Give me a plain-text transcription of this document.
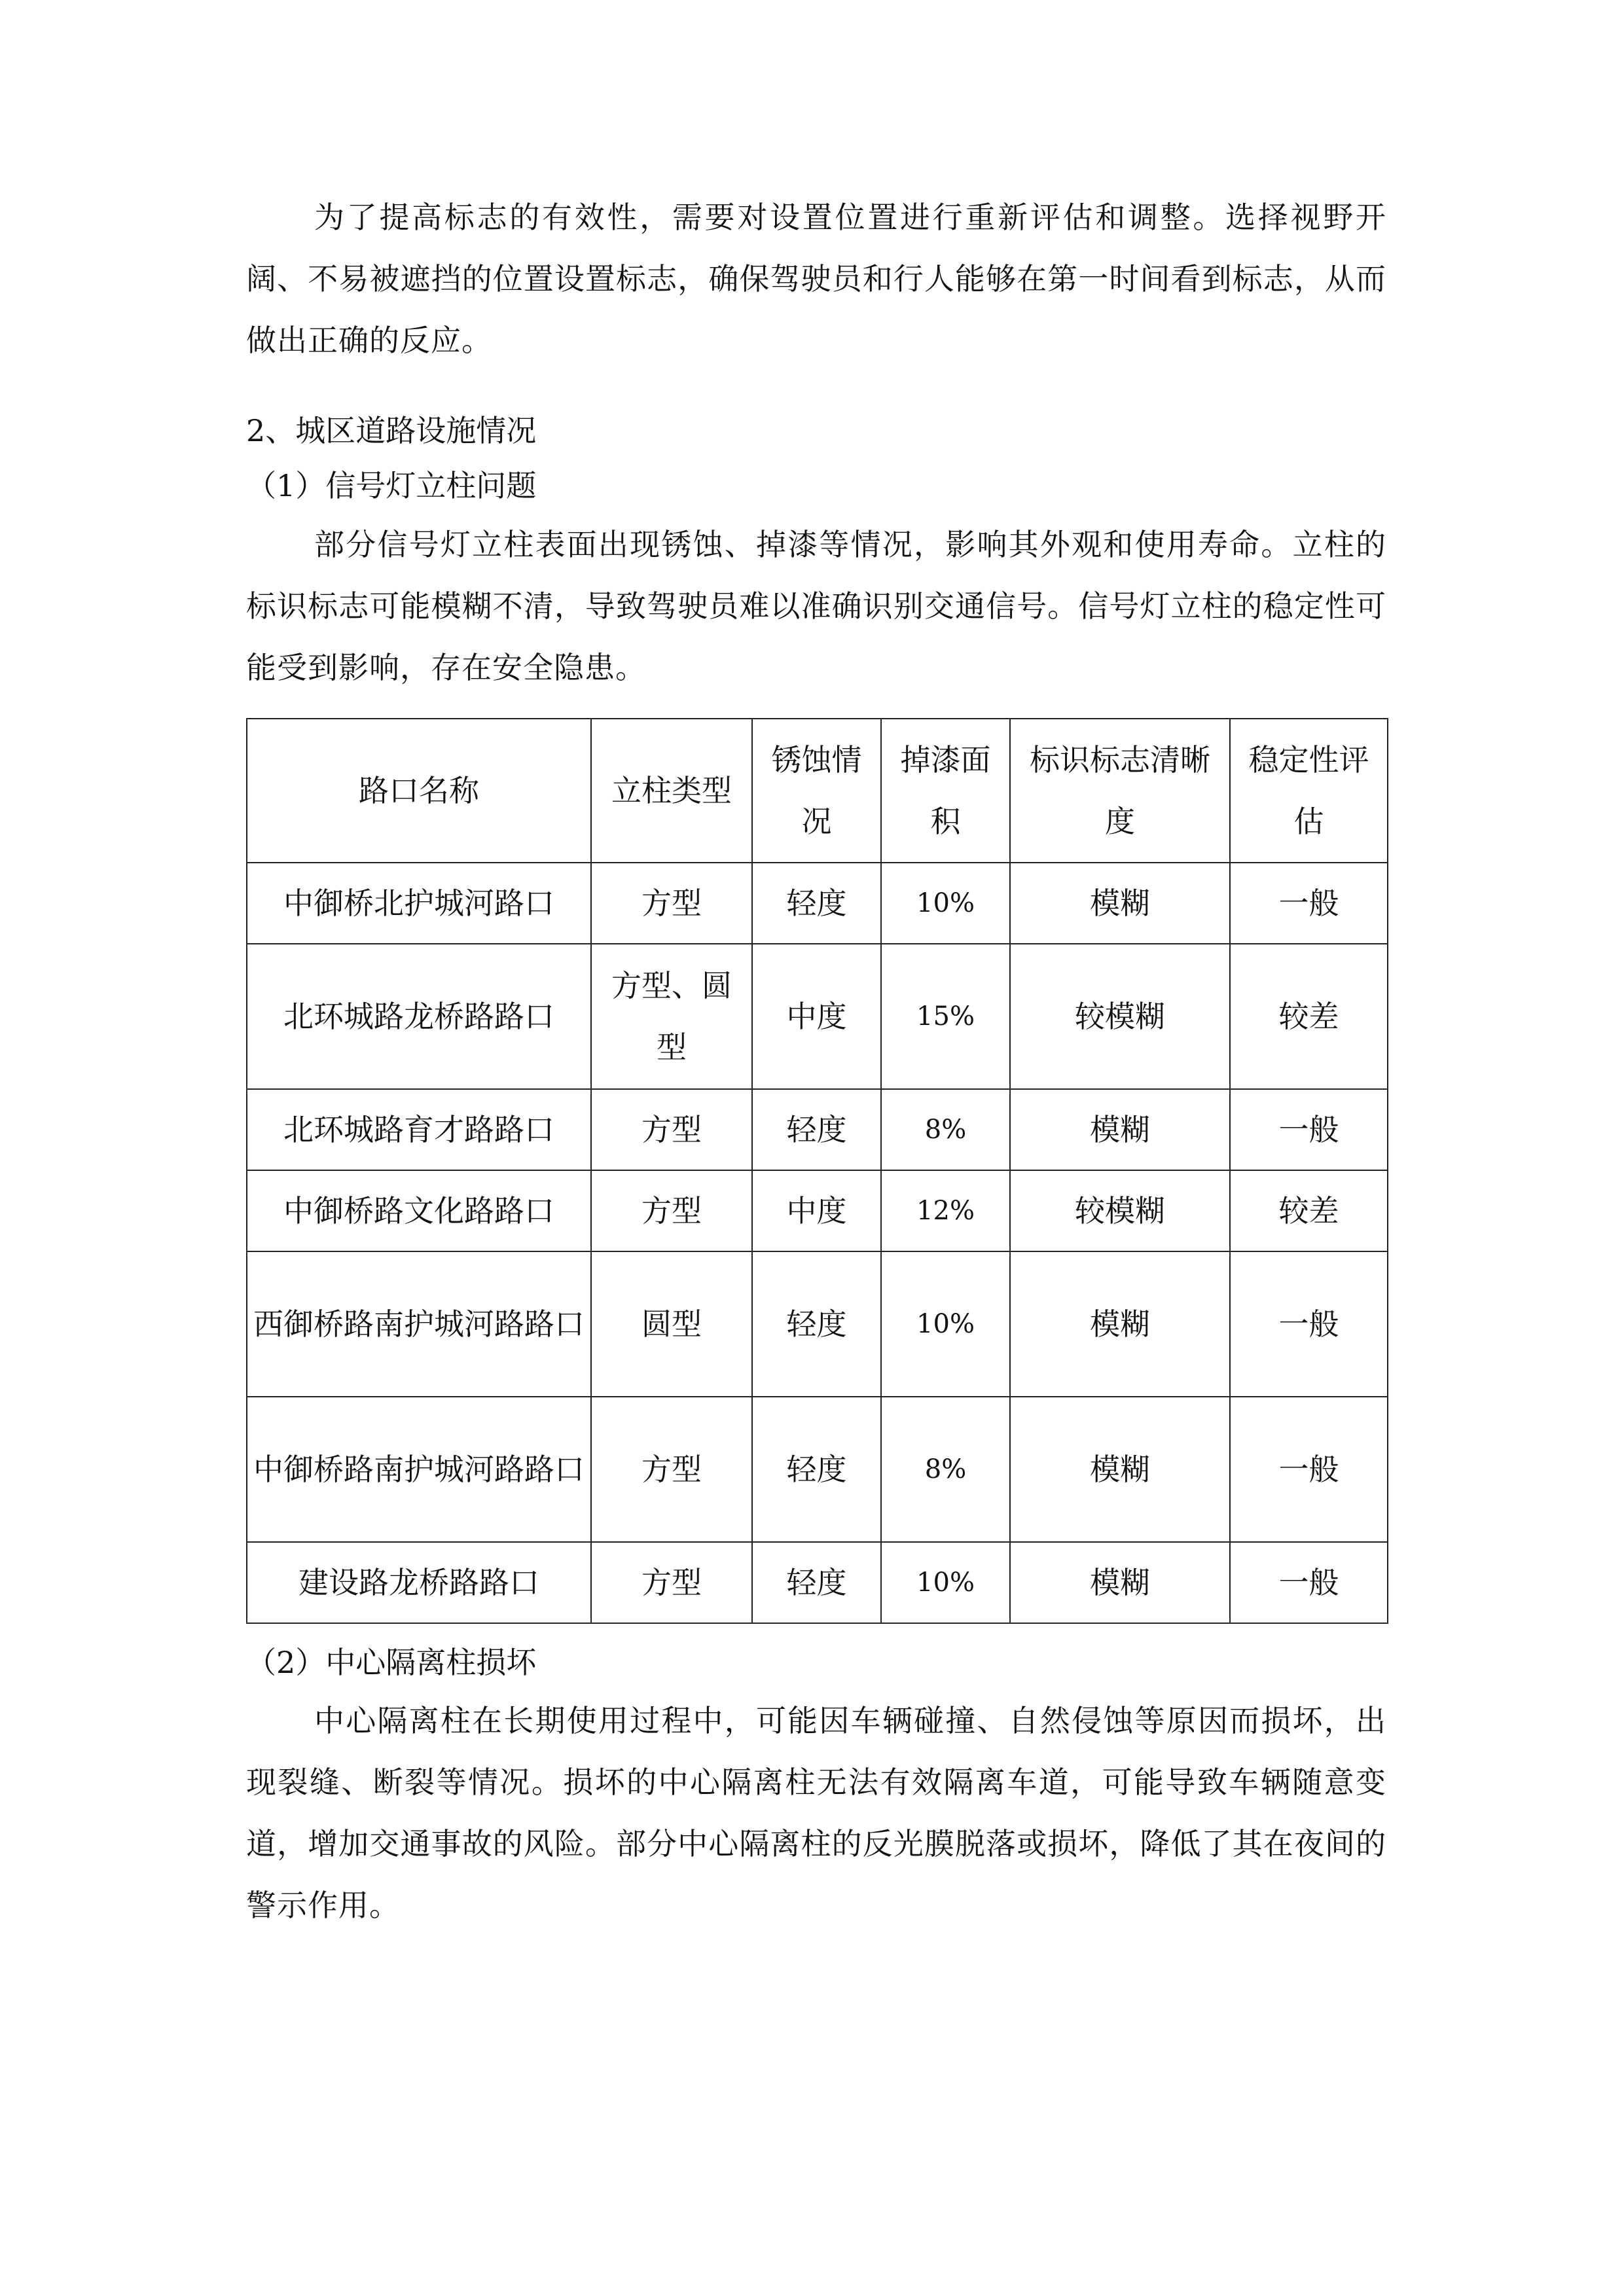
为了提高标志的有效性，需要对设置位置进行重新评估和调整。选择视野开阔、不易被遮挡的位置设置标志，确保驾驶员和行人能够在第一时间看到标志，从而做出正确的反应。

2、城区道路设施情况

（1）信号灯立柱问题

部分信号灯立柱表面出现锈蚀、掉漆等情况，影响其外观和使用寿命。立柱的标识标志可能模糊不清，导致驾驶员难以准确识别交通信号。信号灯立柱的稳定性可能受到影响，存在安全隐患。

路口名称	立柱类型	锈蚀情况	掉漆面积	标识标志清晰度	稳定性评估
中御桥北护城河路口	方型	轻度	10%	模糊	一般
北环城路龙桥路路口	方型、圆型	中度	15%	较模糊	较差
北环城路育才路路口	方型	轻度	8%	模糊	一般
中御桥路文化路路口	方型	中度	12%	较模糊	较差
西御桥路南护城河路路口	圆型	轻度	10%	模糊	一般
中御桥路南护城河路路口	方型	轻度	8%	模糊	一般
建设路龙桥路路口	方型	轻度	10%	模糊	一般

（2）中心隔离柱损坏

中心隔离柱在长期使用过程中，可能因车辆碰撞、自然侵蚀等原因而损坏，出现裂缝、断裂等情况。损坏的中心隔离柱无法有效隔离车道，可能导致车辆随意变道，增加交通事故的风险。部分中心隔离柱的反光膜脱落或损坏，降低了其在夜间的警示作用。
